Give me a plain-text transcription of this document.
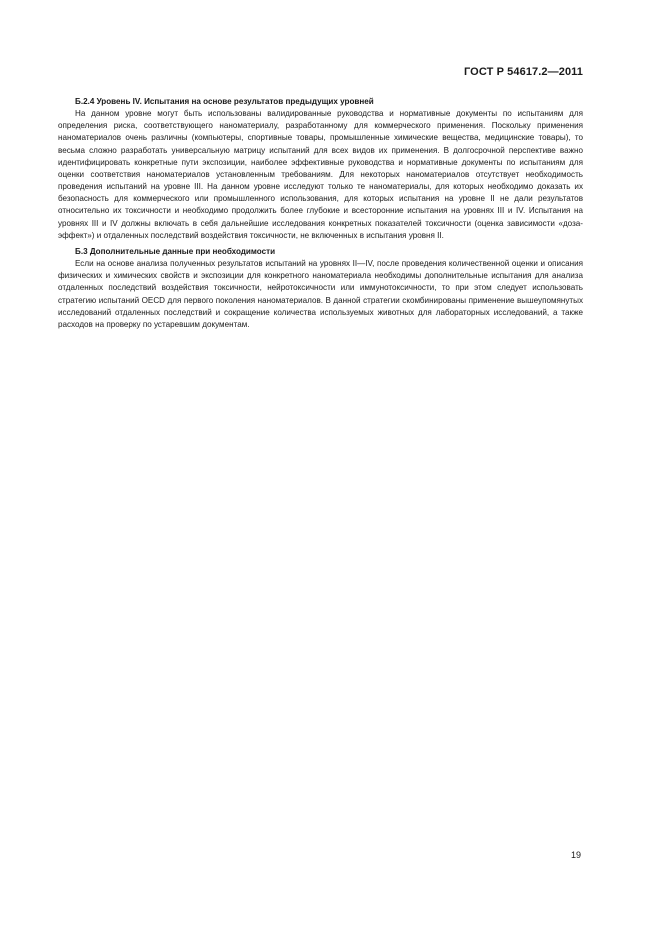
ГОСТ Р 54617.2—2011

Б.2.4 Уровень IV. Испытания на основе результатов предыдущих уровней

На данном уровне могут быть использованы валидированные руководства и нормативные документы по испытаниям для определения риска, соответствующего наноматериалу, разработанному для коммерческого применения. Поскольку применения наноматериалов очень различны (компьютеры, спортивные товары, промышленные химические вещества, медицинские товары), то весьма сложно разработать универсальную матрицу испытаний для всех видов их применения. В долгосрочной перспективе важно идентифицировать конкретные пути экспозиции, наиболее эффективные руководства и нормативные документы по испытаниям для оценки соответствия наноматериалов установленным требованиям. Для некоторых наноматериалов отсутствует необходимость проведения испытаний на уровне III. На данном уровне исследуют только те наноматериалы, для которых необходимо доказать их безопасность для коммерческого или промышленного использования, для которых испытания на уровне II не дали результатов относительно их токсичности и необходимо продолжить более глубокие и всесторонние испытания на уровнях III и IV. Испытания на уровнях III и IV должны включать в себя дальнейшие исследования конкретных показателей токсичности (оценка зависимости «доза-эффект») и отдаленных последствий воздействия токсичности, не включенных в испытания уровня II.

Б.3 Дополнительные данные при необходимости

Если на основе анализа полученных результатов испытаний на уровнях II—IV, после проведения количественной оценки и описания физических и химических свойств и экспозиции для конкретного наноматериала необходимы дополнительные испытания для анализа отдаленных последствий воздействия токсичности, нейротоксичности или иммунотоксичности, то при этом следует использовать стратегию испытаний OECD для первого поколения наноматериалов. В данной стратегии скомбинированы применение вышеупомянутых исследований отдаленных последствий и сокращение количества используемых животных для лабораторных исследований, а также расходов на проверку по устаревшим документам.

19
